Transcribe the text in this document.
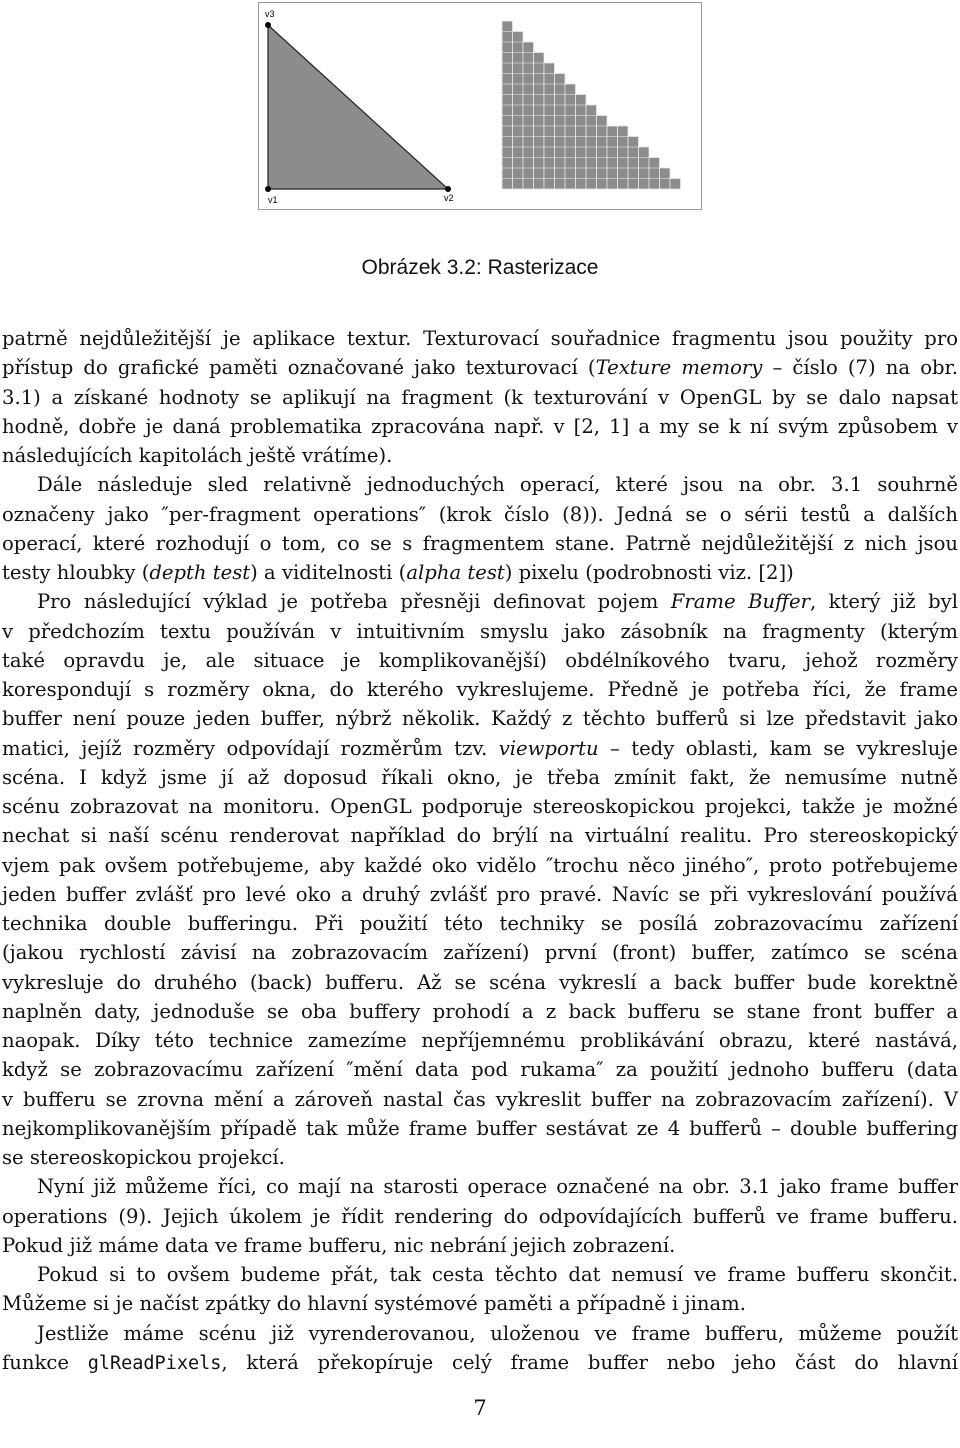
v3
v1	v2
Obrázek 3.2: Rasterizace
patrně nejdůležitější je aplikace textur. Texturovací souřadnice fragmentu jsou použity pro
přístup do grafické paměti označované jako texturovací (Texture memory – číslo (7) na obr.
3.1) a získané hodnoty se aplikují na fragment (k texturování v OpenGL by se dalo napsat
hodně, dobře je daná problematika zpracována např. v [2, 1] a my se k ní svým způsobem v
následujících kapitolách ještě vrátíme).
Dále následuje sled relativně jednoduchých operací, které jsou na obr. 3.1 souhrně
označeny jako ″per-fragment operations″ (krok číslo (8)). Jedná se o sérii testů a dalších
operací, které rozhodují o tom, co se s fragmentem stane. Patrně nejdůležitější z nich jsou
testy hloubky (depth test) a viditelnosti (alpha test) pixelu (podrobnosti viz. [2])
Pro následující výklad je potřeba přesněji definovat pojem Frame Buffer, který již byl
v předchozím textu používán v intuitivním smyslu jako zásobník na fragmenty (kterým
také opravdu je, ale situace je komplikovanější) obdélníkového tvaru, jehož rozměry
korespondují s rozměry okna, do kterého vykreslujeme. Předně je potřeba říci, že frame
buffer není pouze jeden buffer, nýbrž několik. Každý z těchto bufferů si lze představit jako
matici, jejíž rozměry odpovídají rozměrům tzv. viewportu – tedy oblasti, kam se vykresluje
scéna. I když jsme jí až doposud říkali okno, je třeba zmínit fakt, že nemusíme nutně
scénu zobrazovat na monitoru. OpenGL podporuje stereoskopickou projekci, takže je možné
nechat si naší scénu renderovat například do brýlí na virtuální realitu. Pro stereoskopický
vjem pak ovšem potřebujeme, aby každé oko vidělo ″trochu něco jiného″, proto potřebujeme
jeden buffer zvlášť pro levé oko a druhý zvlášť pro pravé. Navíc se při vykreslování používá
technika double bufferingu. Při použití této techniky se posílá zobrazovacímu zařízení
(jakou rychlostí závisí na zobrazovacím zařízení) první (front) buffer, zatímco se scéna
vykresluje do druhého (back) bufferu. Až se scéna vykreslí a back buffer bude korektně
naplněn daty, jednoduše se oba buffery prohodí a z back bufferu se stane front buffer a
naopak. Díky této technice zamezíme nepříjemnému problikávání obrazu, které nastává,
když se zobrazovacímu zařízení ″mění data pod rukama″ za použití jednoho bufferu (data
v bufferu se zrovna mění a zároveň nastal čas vykreslit buffer na zobrazovacím zařízení). V
nejkomplikovanějším případě tak může frame buffer sestávat ze 4 bufferů – double buffering
se stereoskopickou projekcí.
Nyní již můžeme říci, co mají na starosti operace označené na obr. 3.1 jako frame buffer
operations (9). Jejich úkolem je řídit rendering do odpovídajících bufferů ve frame bufferu.
Pokud již máme data ve frame bufferu, nic nebrání jejich zobrazení.
Pokud si to ovšem budeme přát, tak cesta těchto dat nemusí ve frame bufferu skončit.
Můžeme si je načíst zpátky do hlavní systémové paměti a případně i jinam.
Jestliže máme scénu již vyrenderovanou, uloženou ve frame bufferu, můžeme použít
funkce glReadPixels, která překopíruje celý frame buffer nebo jeho část do hlavní
7
